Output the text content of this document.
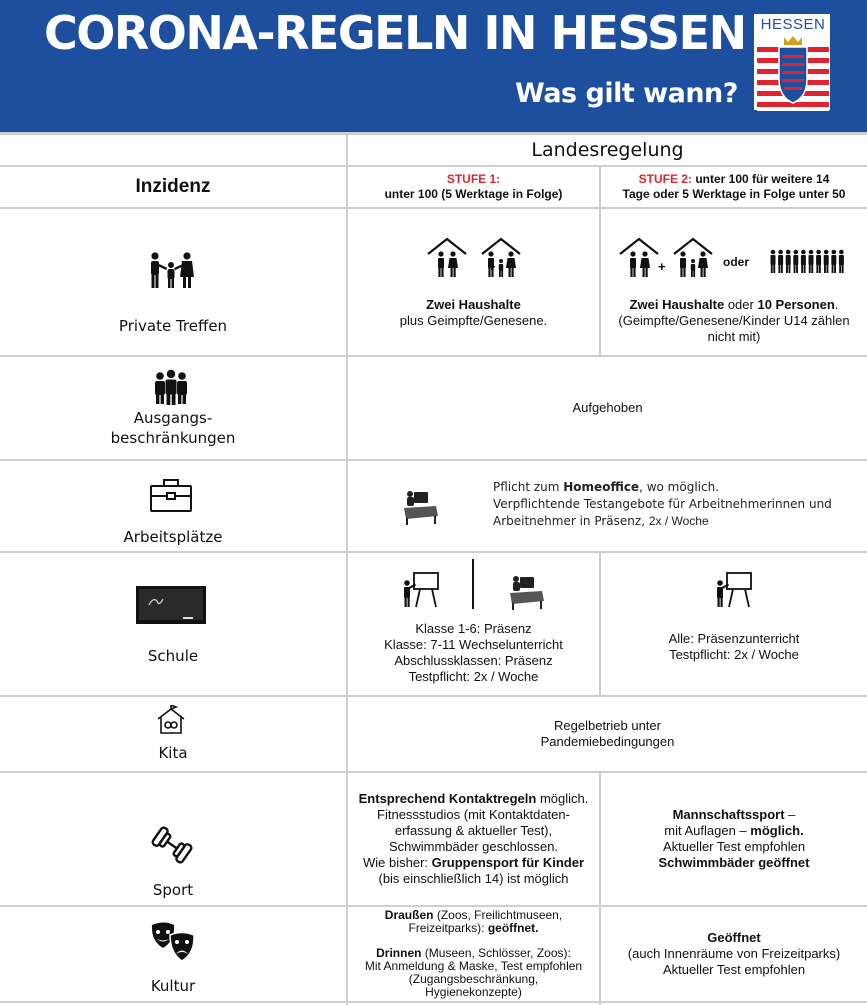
CORONA-REGELN IN HESSEN
Was gilt wann?
HESSEN
Landesregelung
Inzidenz	STUFE 1:
unter 100 (5 Werktage in Folge)
STUFE 2: unter 100 für weitere 14
Tage oder 5 Werktage in Folge unter 50
Private Treffen
+
Zwei Haushalte
plus Geimpfte/Genesene.
+	oder
Zwei Haushalte oder 10 Personen.
(Geimpfte/Genesene/Kinder U14 zählen nicht mit)
Ausgangs-
beschränkungen
Aufgehoben
Arbeitsplätze
Pflicht zum Homeoffice, wo möglich.
Verpflichtende Testangebote für Arbeitnehmerinnen und
Arbeitnehmer in Präsenz, 2x / Woche
Schule
Klasse 1-6: Präsenz
Klasse: 7-11 Wechselunterricht
Abschlussklassen: Präsenz
Testpflicht: 2x / Woche
Alle: Präsenzunterricht
Testpflicht: 2x / Woche
Kita
Regelbetrieb unter
Pandemiebedingungen
Sport
Entsprechend Kontaktregeln möglich.
Fitnessstudios (mit Kontaktdaten-
erfassung & aktueller Test),
Schwimmbäder geschlossen.
Wie bisher: Gruppensport für Kinder
(bis einschließlich 14) ist möglich
Mannschaftssport –
mit Auflagen – möglich.
Aktueller Test empfohlen
Schwimmbäder geöffnet
Kultur
Draußen (Zoos, Freilichtmuseen,
Freizeitparks): geöffnet.
Drinnen (Museen, Schlösser, Zoos):
Mit Anmeldung & Maske, Test empfohlen
(Zugangsbeschränkung,
Hygienekonzepte)
Geöffnet
(auch Innenräume von Freizeitparks)
Aktueller Test empfohlen
